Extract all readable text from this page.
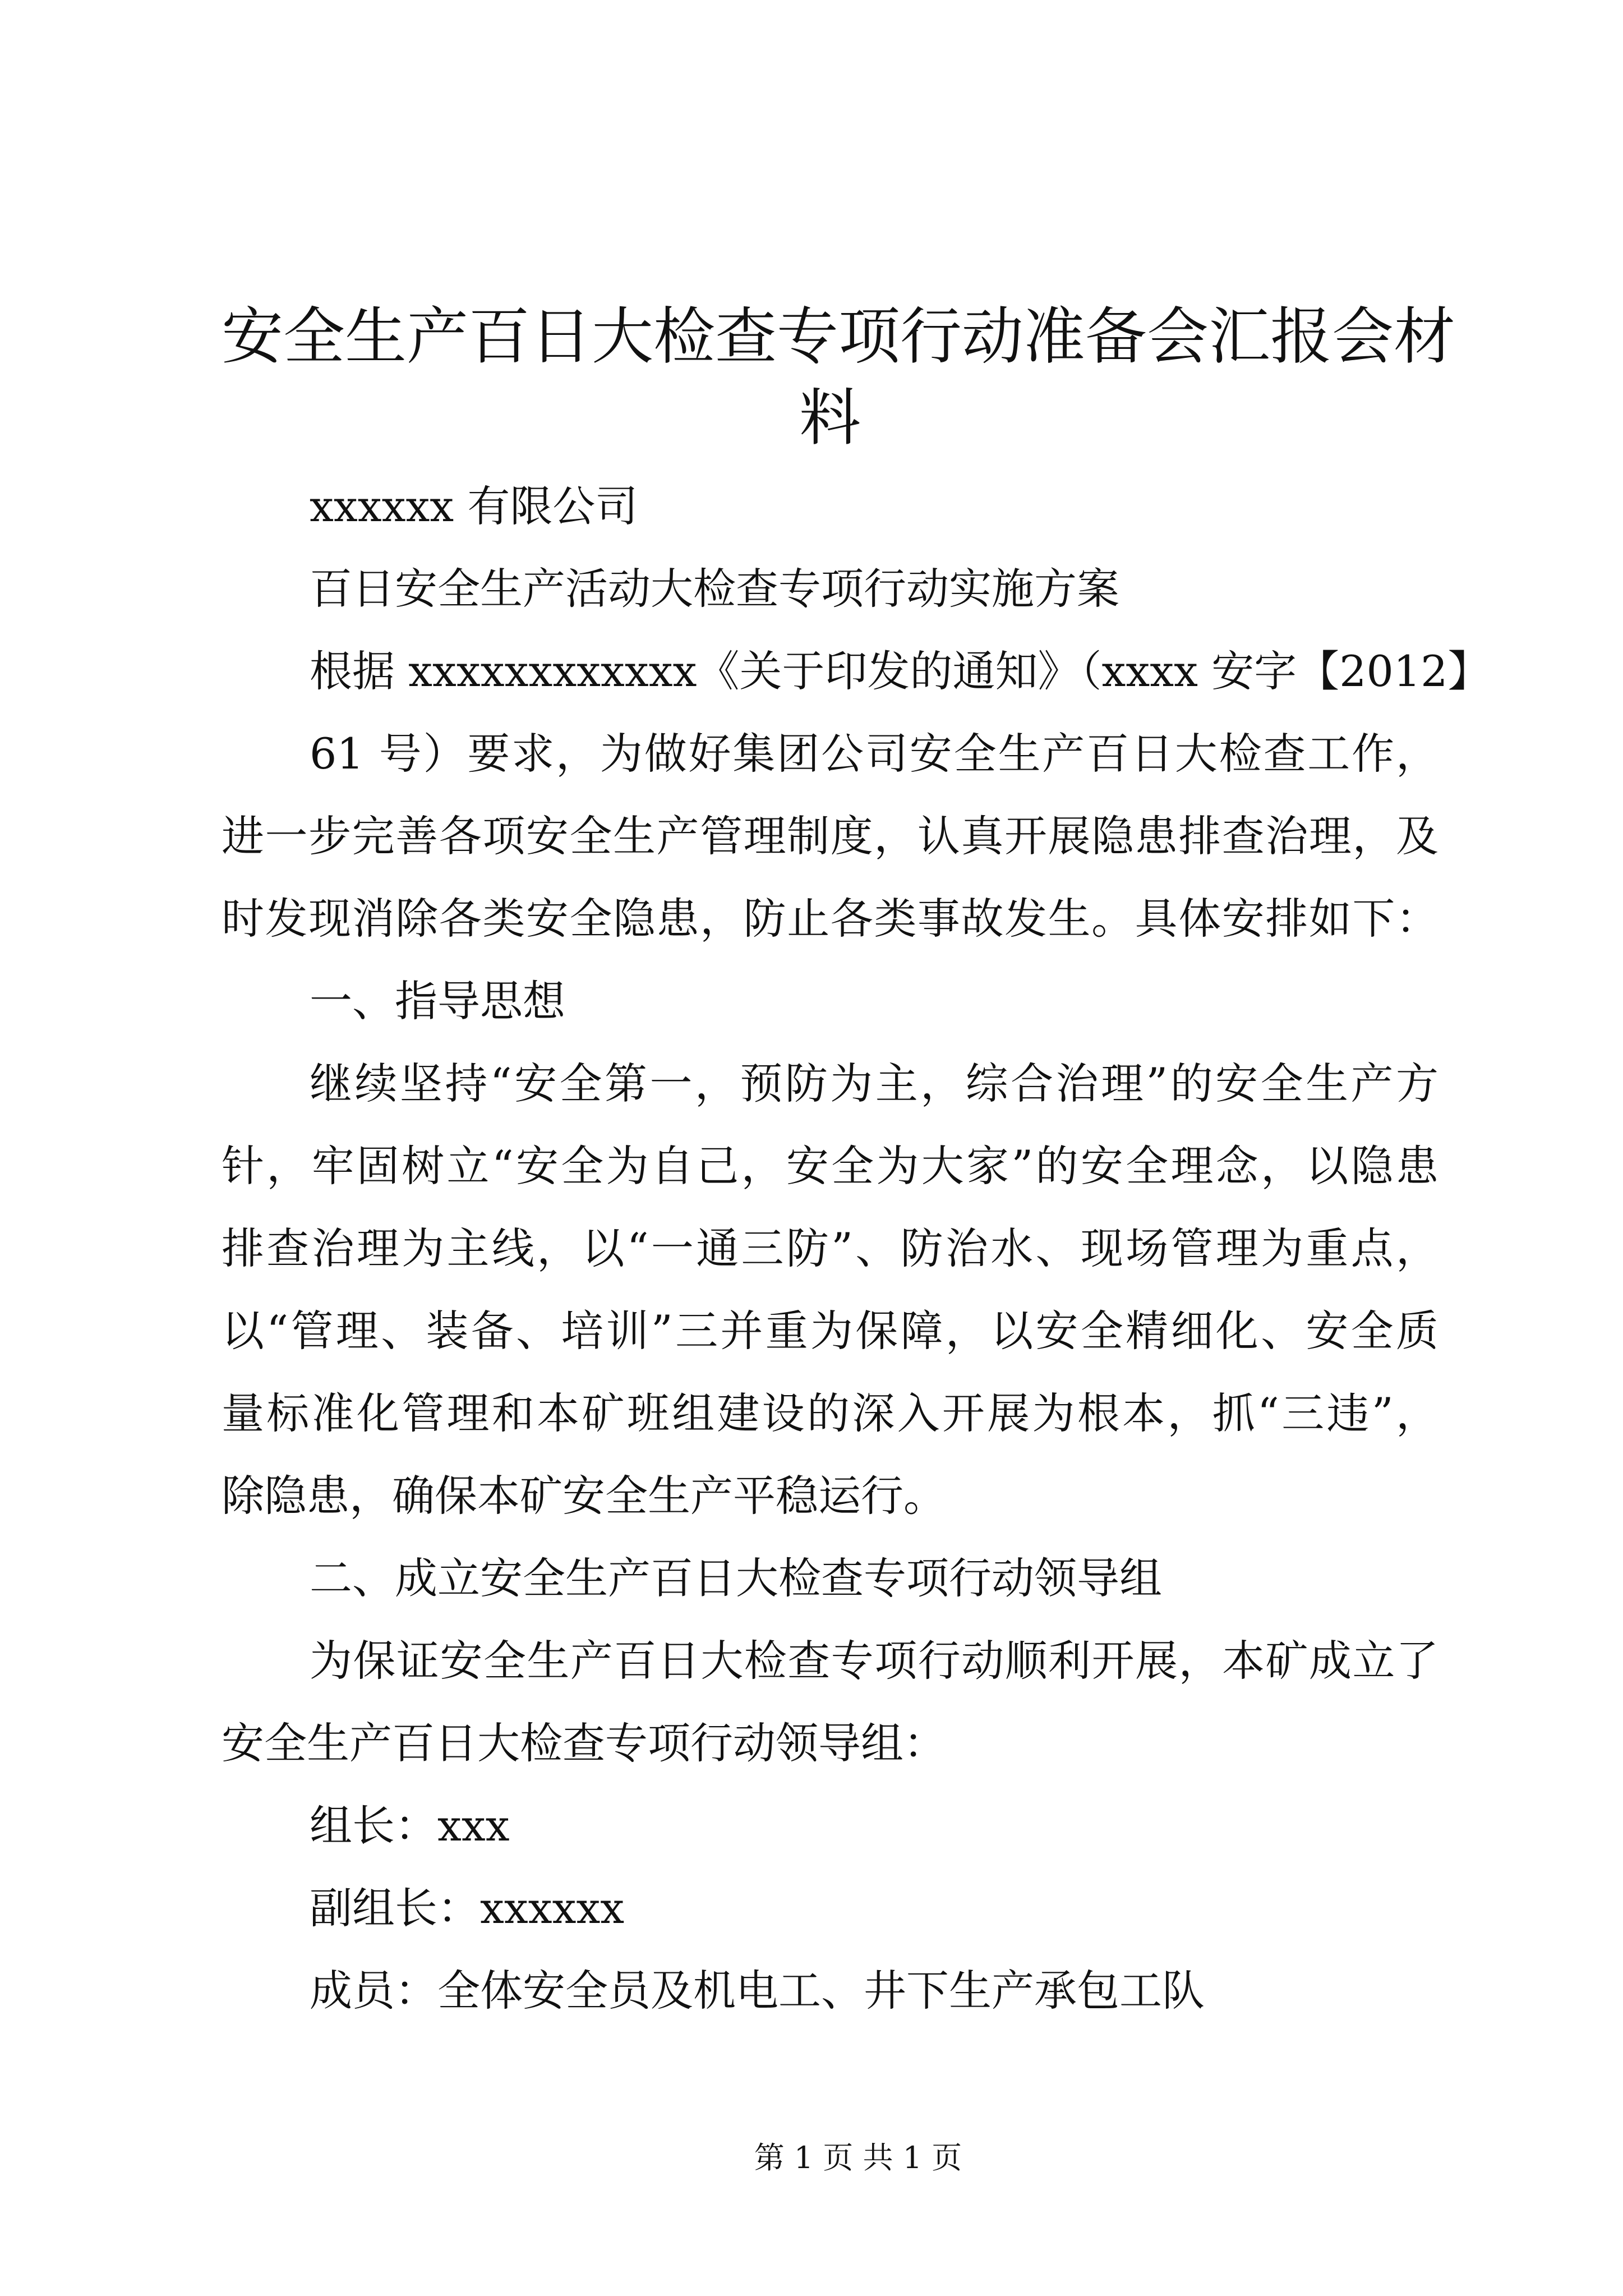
安全生产百日大检查专项行动准备会汇报会材
料
xxxxxx 有限公司
百日安全生产活动大检查专项行动实施方案
根据 xxxxxxxxxxxx《关于印发的通知》（xxxx 安字【2012】
61 号）要求，为做好集团公司安全生产百日大检查工作，
进一步完善各项安全生产管理制度，认真开展隐患排查治理，及
时发现消除各类安全隐患，防止各类事故发生。具体安排如下：
一、指导思想
继续坚持“安全第一，预防为主，综合治理”的安全生产方
针，牢固树立“安全为自己，安全为大家”的安全理念，以隐患
排查治理为主线，以“一通三防”、防治水、现场管理为重点，
以“管理、装备、培训”三并重为保障，以安全精细化、安全质
量标准化管理和本矿班组建设的深入开展为根本，抓“三违”，
除隐患，确保本矿安全生产平稳运行。
二、成立安全生产百日大检查专项行动领导组
为保证安全生产百日大检查专项行动顺利开展，本矿成立了
安全生产百日大检查专项行动领导组：
组长：xxx
副组长：xxxxxx
成员：全体安全员及机电工、井下生产承包工队
第 1 页 共 1 页
